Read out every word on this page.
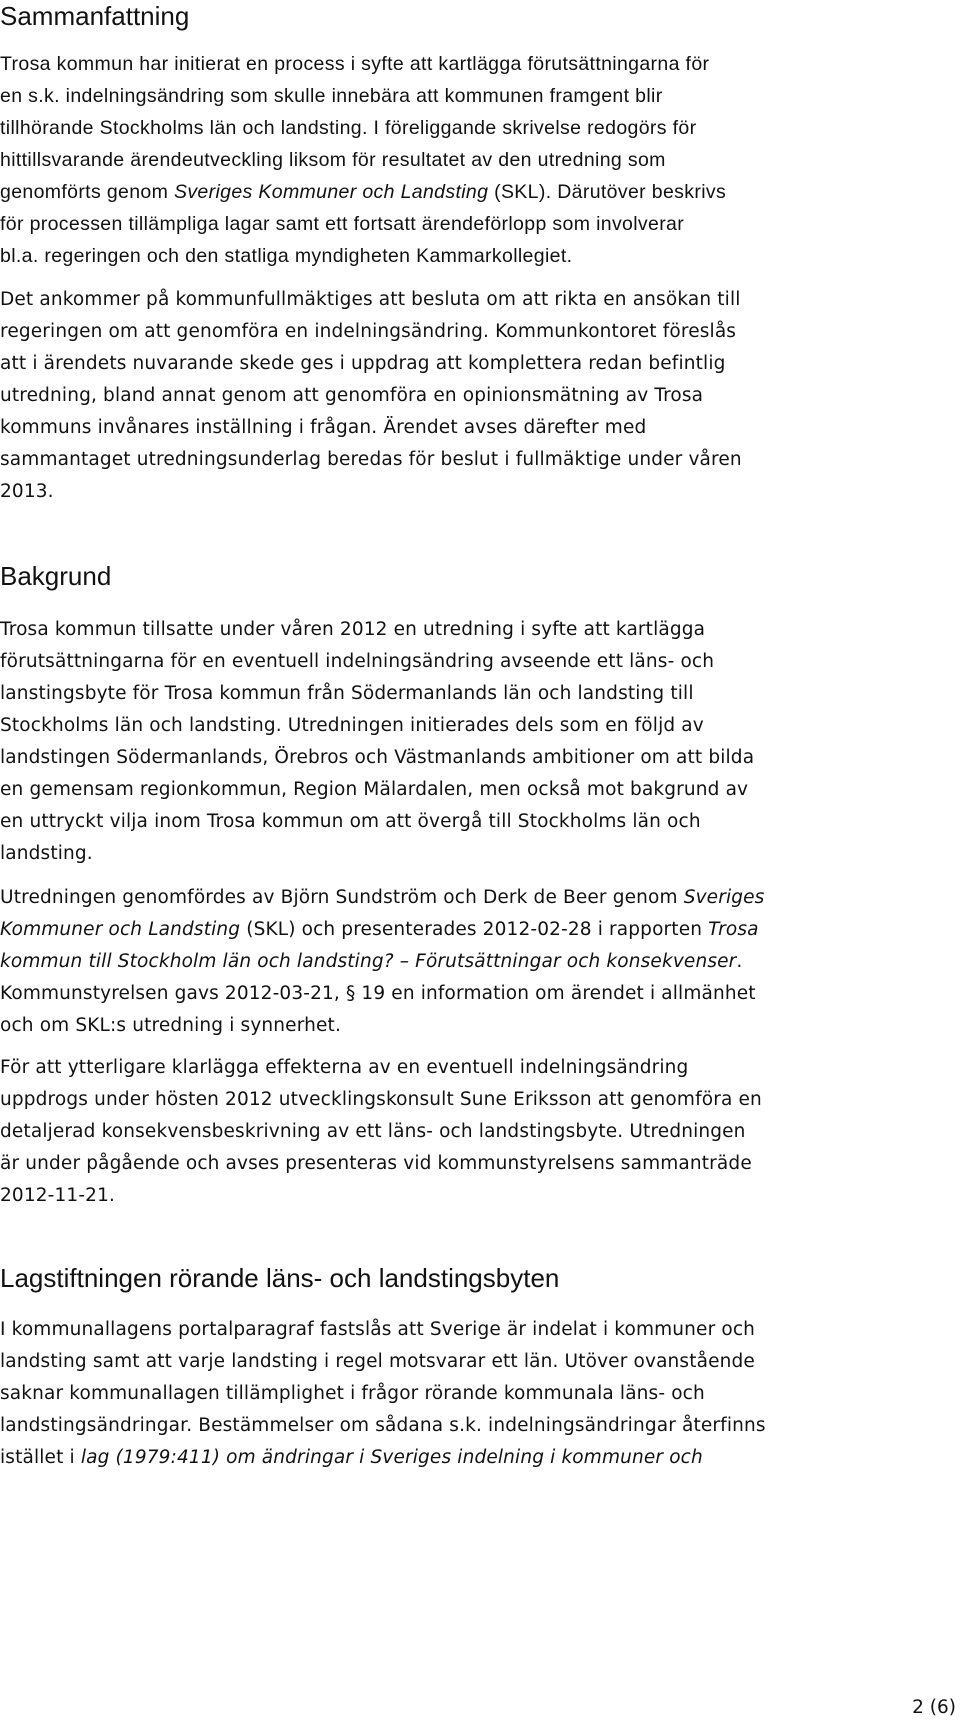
Sammanfattning
Trosa kommun har initierat en process i syfte att kartlägga förutsättningarna för
en s.k. indelningsändring som skulle innebära att kommunen framgent blir
tillhörande Stockholms län och landsting. I föreliggande skrivelse redogörs för
hittillsvarande ärendeutveckling liksom för resultatet av den utredning som
genomförts genom Sveriges Kommuner och Landsting (SKL). Därutöver beskrivs
för processen tillämpliga lagar samt ett fortsatt ärendeförlopp som involverar
bl.a. regeringen och den statliga myndigheten Kammarkollegiet.
Det ankommer på kommunfullmäktiges att besluta om att rikta en ansökan till
regeringen om att genomföra en indelningsändring. Kommunkontoret föreslås
att i ärendets nuvarande skede ges i uppdrag att komplettera redan befintlig
utredning, bland annat genom att genomföra en opinionsmätning av Trosa
kommuns invånares inställning i frågan. Ärendet avses därefter med
sammantaget utredningsunderlag beredas för beslut i fullmäktige under våren
2013.
Bakgrund
Trosa kommun tillsatte under våren 2012 en utredning i syfte att kartlägga
förutsättningarna för en eventuell indelningsändring avseende ett läns- och
lanstingsbyte för Trosa kommun från Södermanlands län och landsting till
Stockholms län och landsting. Utredningen initierades dels som en följd av
landstingen Södermanlands, Örebros och Västmanlands ambitioner om att bilda
en gemensam regionkommun, Region Mälardalen, men också mot bakgrund av
en uttryckt vilja inom Trosa kommun om att övergå till Stockholms län och
landsting.
Utredningen genomfördes av Björn Sundström och Derk de Beer genom Sveriges
Kommuner och Landsting (SKL) och presenterades 2012-02-28 i rapporten Trosa
kommun till Stockholm län och landsting? – Förutsättningar och konsekvenser.
Kommunstyrelsen gavs 2012-03-21, § 19 en information om ärendet i allmänhet
och om SKL:s utredning i synnerhet.
För att ytterligare klarlägga effekterna av en eventuell indelningsändring
uppdrogs under hösten 2012 utvecklingskonsult Sune Eriksson att genomföra en
detaljerad konsekvensbeskrivning av ett läns- och landstingsbyte. Utredningen
är under pågående och avses presenteras vid kommunstyrelsens sammanträde
2012-11-21.
Lagstiftningen rörande läns- och landstingsbyten
I kommunallagens portalparagraf fastslås att Sverige är indelat i kommuner och
landsting samt att varje landsting i regel motsvarar ett län. Utöver ovanstående
saknar kommunallagen tillämplighet i frågor rörande kommunala läns- och
landstingsändringar. Bestämmelser om sådana s.k. indelningsändringar återfinns
istället i lag (1979:411) om ändringar i Sveriges indelning i kommuner och
2 (6)
